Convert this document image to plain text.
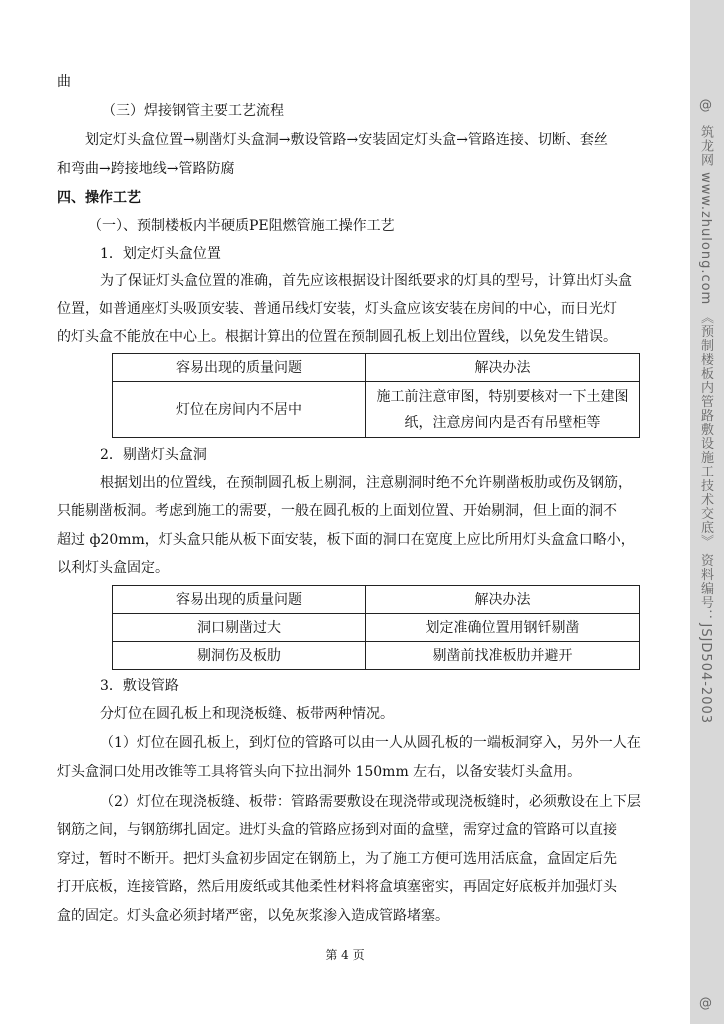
曲
（三）焊接钢管主要工艺流程
划定灯头盒位置→剔凿灯头盒洞→敷设管路→安装固定灯头盒→管路连接、切断、套丝
和弯曲→跨接地线→管路防腐
四、操作工艺
（一）、预制楼板内半硬质PE阻燃管施工操作工艺
1．划定灯头盒位置
为了保证灯头盒位置的准确，首先应该根据设计图纸要求的灯具的型号，计算出灯头盒
位置，如普通座灯头吸顶安装、普通吊线灯安装，灯头盒应该安装在房间的中心，而日光灯
的灯头盒不能放在中心上。根据计算出的位置在预制圆孔板上划出位置线，以免发生错误。
容易出现的质量问题	解决办法
灯位在房间内不居中	施工前注意审图，特别要核对一下土建图
纸，注意房间内是否有吊壁柜等
2．剔凿灯头盒洞
根据划出的位置线，在预制圆孔板上剔洞，注意剔洞时绝不允许剔凿板肋或伤及钢筋，
只能剔凿板洞。考虑到施工的需要，一般在圆孔板的上面划位置、开始剔洞，但上面的洞不
超过 ф20mm，灯头盒只能从板下面安装，板下面的洞口在宽度上应比所用灯头盒盒口略小，
以利灯头盒固定。
容易出现的质量问题	解决办法
洞口剔凿过大	划定准确位置用钢钎剔凿
剔洞伤及板肋	剔凿前找准板肋并避开
3．敷设管路
分灯位在圆孔板上和现浇板缝、板带两种情况。
（1）灯位在圆孔板上，到灯位的管路可以由一人从圆孔板的一端板洞穿入，另外一人在
灯头盒洞口处用改锥等工具将管头向下拉出洞外 150mm 左右，以备安装灯头盒用。
（2）灯位在现浇板缝、板带：管路需要敷设在现浇带或现浇板缝时，必须敷设在上下层
钢筋之间，与钢筋绑扎固定。进灯头盒的管路应扬到对面的盒壁，需穿过盒的管路可以直接
穿过，暂时不断开。把灯头盒初步固定在钢筋上，为了施工方便可选用活底盒，盒固定后先
打开底板，连接管路，然后用废纸或其他柔性材料将盒填塞密实，再固定好底板并加强灯头
盒的固定。灯头盒必须封堵严密，以免灰浆渗入造成管路堵塞。
第 4 页
@
筑龙网 www.zhulong.com 《预制楼板内管路敷设施工技术交底》 资料编号：JSJD504-2003
@
